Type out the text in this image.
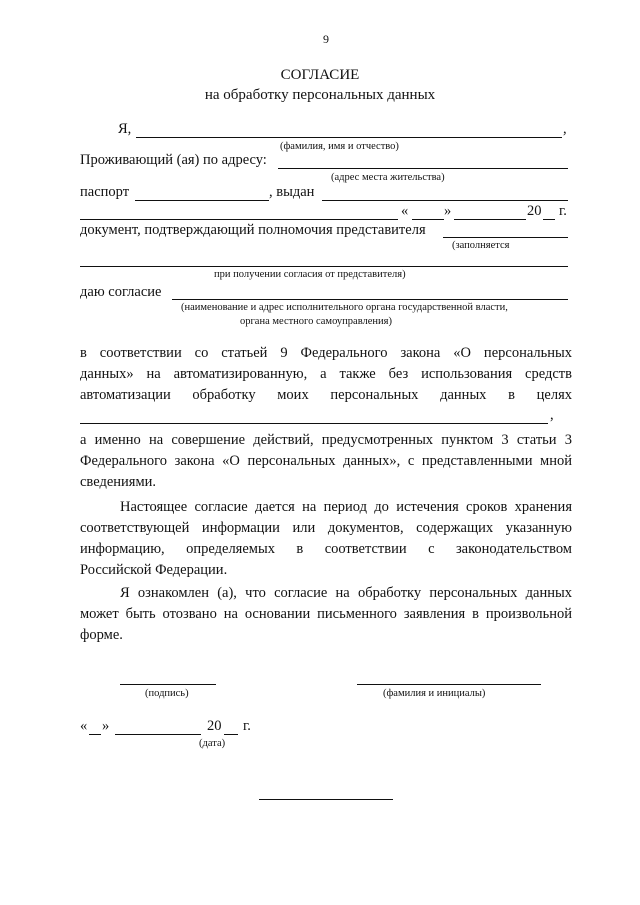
9
СОГЛАСИЕ
на обработку персональных данных
Я,	,
(фамилия, имя и отчество)
Проживающий (ая) по адресу:
(адрес места жительства)
паспорт	, выдан
« »	20 г.
документ, подтверждающий полномочия представителя
(заполняется
при получении согласия от представителя)
даю согласие
(наименование и адрес исполнительного органа государственной власти,
органа местного самоуправления)
в соответствии со статьей 9 Федерального закона «О персональных
данных» на автоматизированную, а также без использования средств
автоматизации обработку моих персональных данных в целях
,
а именно на совершение действий, предусмотренных пунктом 3 статьи 3
Федерального закона «О персональных данных», с представленными мной
сведениями.
Настоящее согласие дается на период до истечения сроков хранения
соответствующей информации или документов, содержащих указанную
информацию, определяемых в соответствии с законодательством
Российской Федерации.
Я ознакомлен (а), что согласие на обработку персональных данных
может быть отозвано на основании письменного заявления в произвольной
форме.
(подпись)	(фамилия и инициалы)
« »	20 г.
(дата)
